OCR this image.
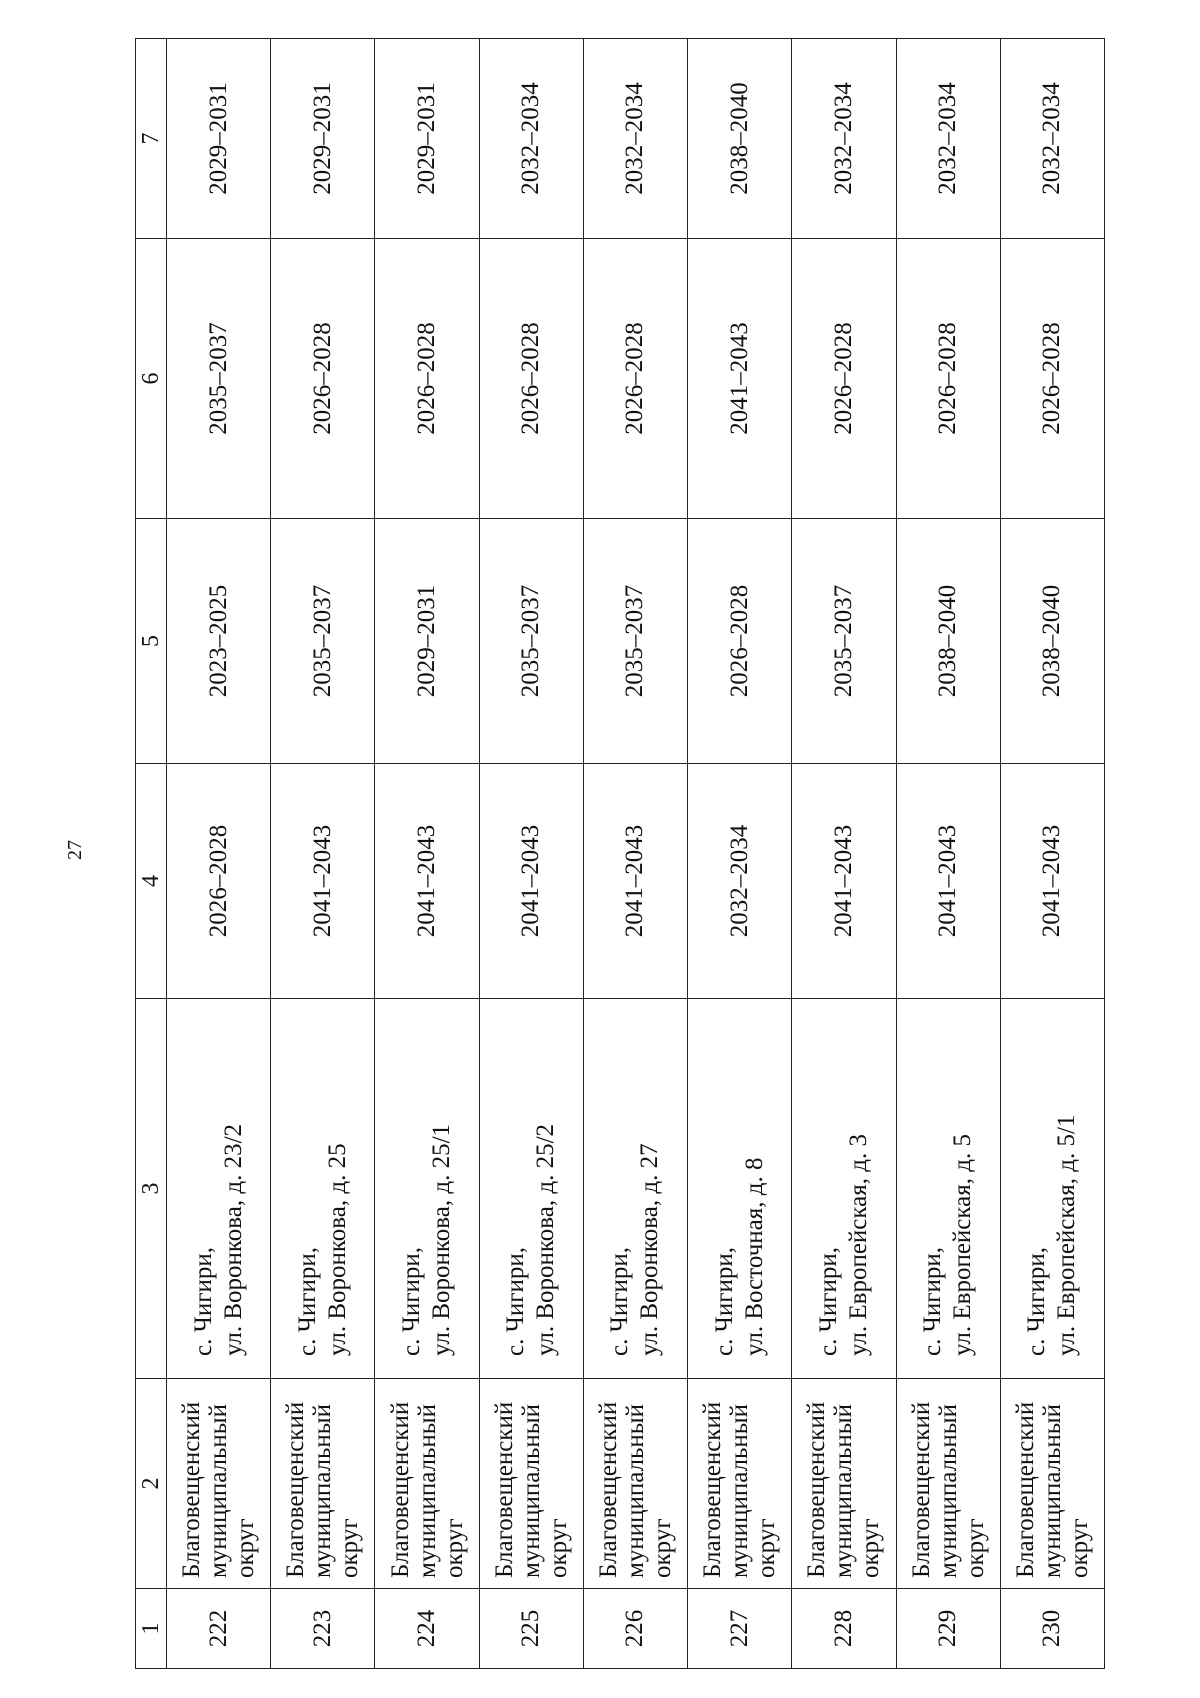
27
1	2	3	4	5	6	7
222	Благовещенский муниципальный округ	с. Чигири, ул. Воронкова, д. 23/2	2026–2028	2023–2025	2035–2037	2029–2031
223	Благовещенский муниципальный округ	с. Чигири, ул. Воронкова, д. 25	2041–2043	2035–2037	2026–2028	2029–2031
224	Благовещенский муниципальный округ	с. Чигири, ул. Воронкова, д. 25/1	2041–2043	2029–2031	2026–2028	2029–2031
225	Благовещенский муниципальный округ	с. Чигири, ул. Воронкова, д. 25/2	2041–2043	2035–2037	2026–2028	2032–2034
226	Благовещенский муниципальный округ	с. Чигири, ул. Воронкова, д. 27	2041–2043	2035–2037	2026–2028	2032–2034
227	Благовещенский муниципальный округ	с. Чигири, ул. Восточная, д. 8	2032–2034	2026–2028	2041–2043	2038–2040
228	Благовещенский муниципальный округ	с. Чигири, ул. Европейская, д. 3	2041–2043	2035–2037	2026–2028	2032–2034
229	Благовещенский муниципальный округ	с. Чигири, ул. Европейская, д. 5	2041–2043	2038–2040	2026–2028	2032–2034
230	Благовещенский муниципальный округ	с. Чигири, ул. Европейская, д. 5/1	2041–2043	2038–2040	2026–2028	2032–2034
